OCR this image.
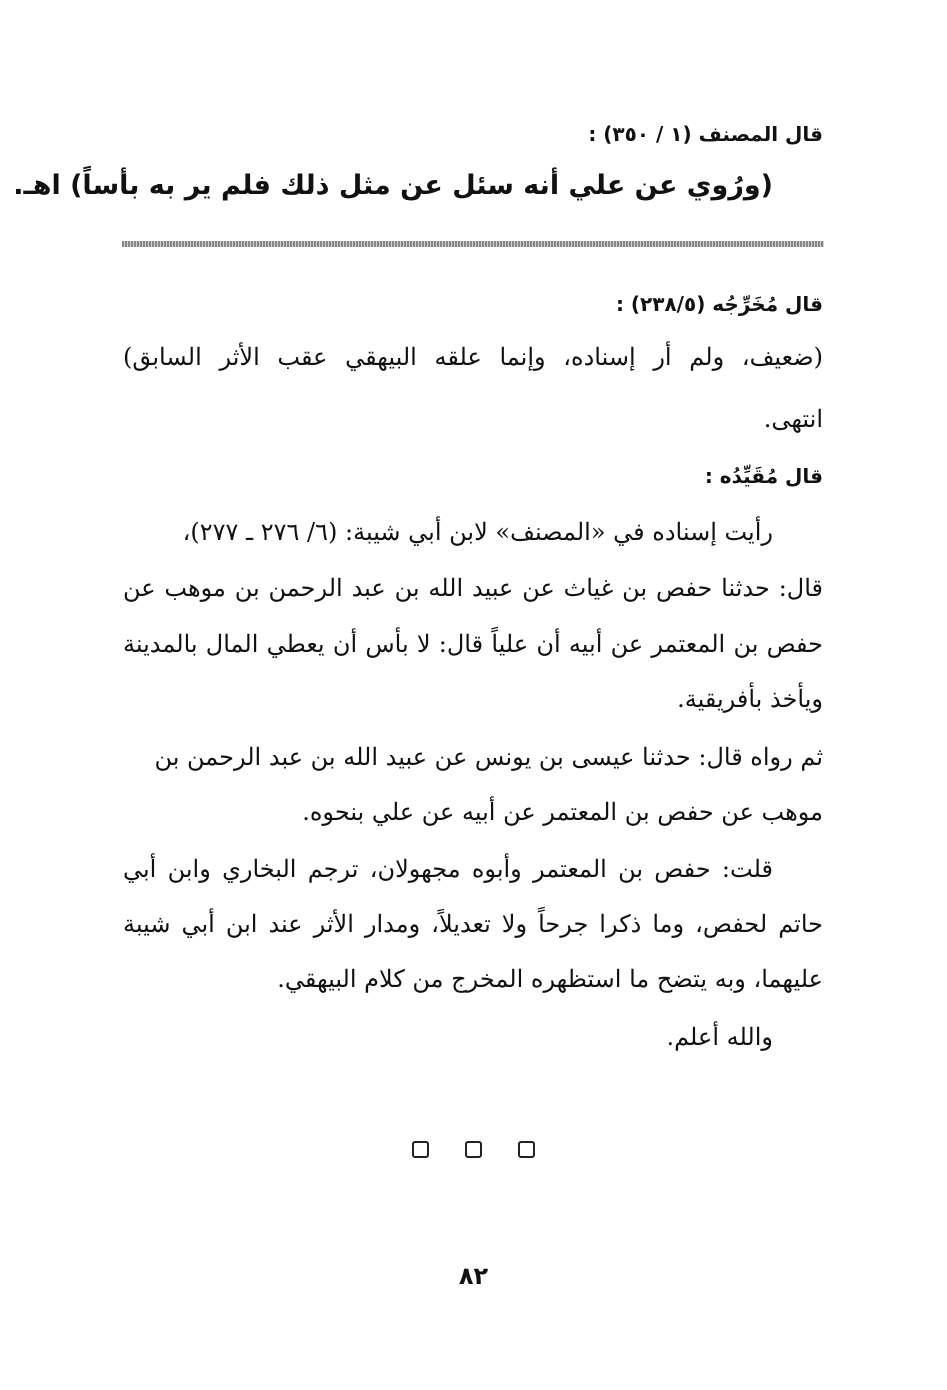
قال المصنف (١ / ٣٥٠) :
(ورُوي عن علي أنه سئل عن مثل ذلك فلم ير به بأساً) اهـ.
قال مُخَرِّجُه (٢٣٨/٥) :
(ضعيف، ولم أر إسناده، وإنما علقه البيهقي عقب الأثر السابق)
انتهى.
قال مُقَيِّدُه :
رأيت إسناده في «المصنف» لابن أبي شيبة: (٦/ ٢٧٦ ـ ٢٧٧)،
قال: حدثنا حفص بن غياث عن عبيد الله بن عبد الرحمن بن موهب عن
حفص بن المعتمر عن أبيه أن علياً قال: لا بأس أن يعطي المال بالمدينة
ويأخذ بأفريقية.
ثم رواه قال: حدثنا عيسى بن يونس عن عبيد الله بن عبد الرحمن بن
موهب عن حفص بن المعتمر عن أبيه عن علي بنحوه.
قلت: حفص بن المعتمر وأبوه مجهولان، ترجم البخاري وابن أبي
حاتم لحفص، وما ذكرا جرحاً ولا تعديلاً، ومدار الأثر عند ابن أبي شيبة
عليهما، وبه يتضح ما استظهره المخرج من كلام البيهقي.
والله أعلم.
٨٢
